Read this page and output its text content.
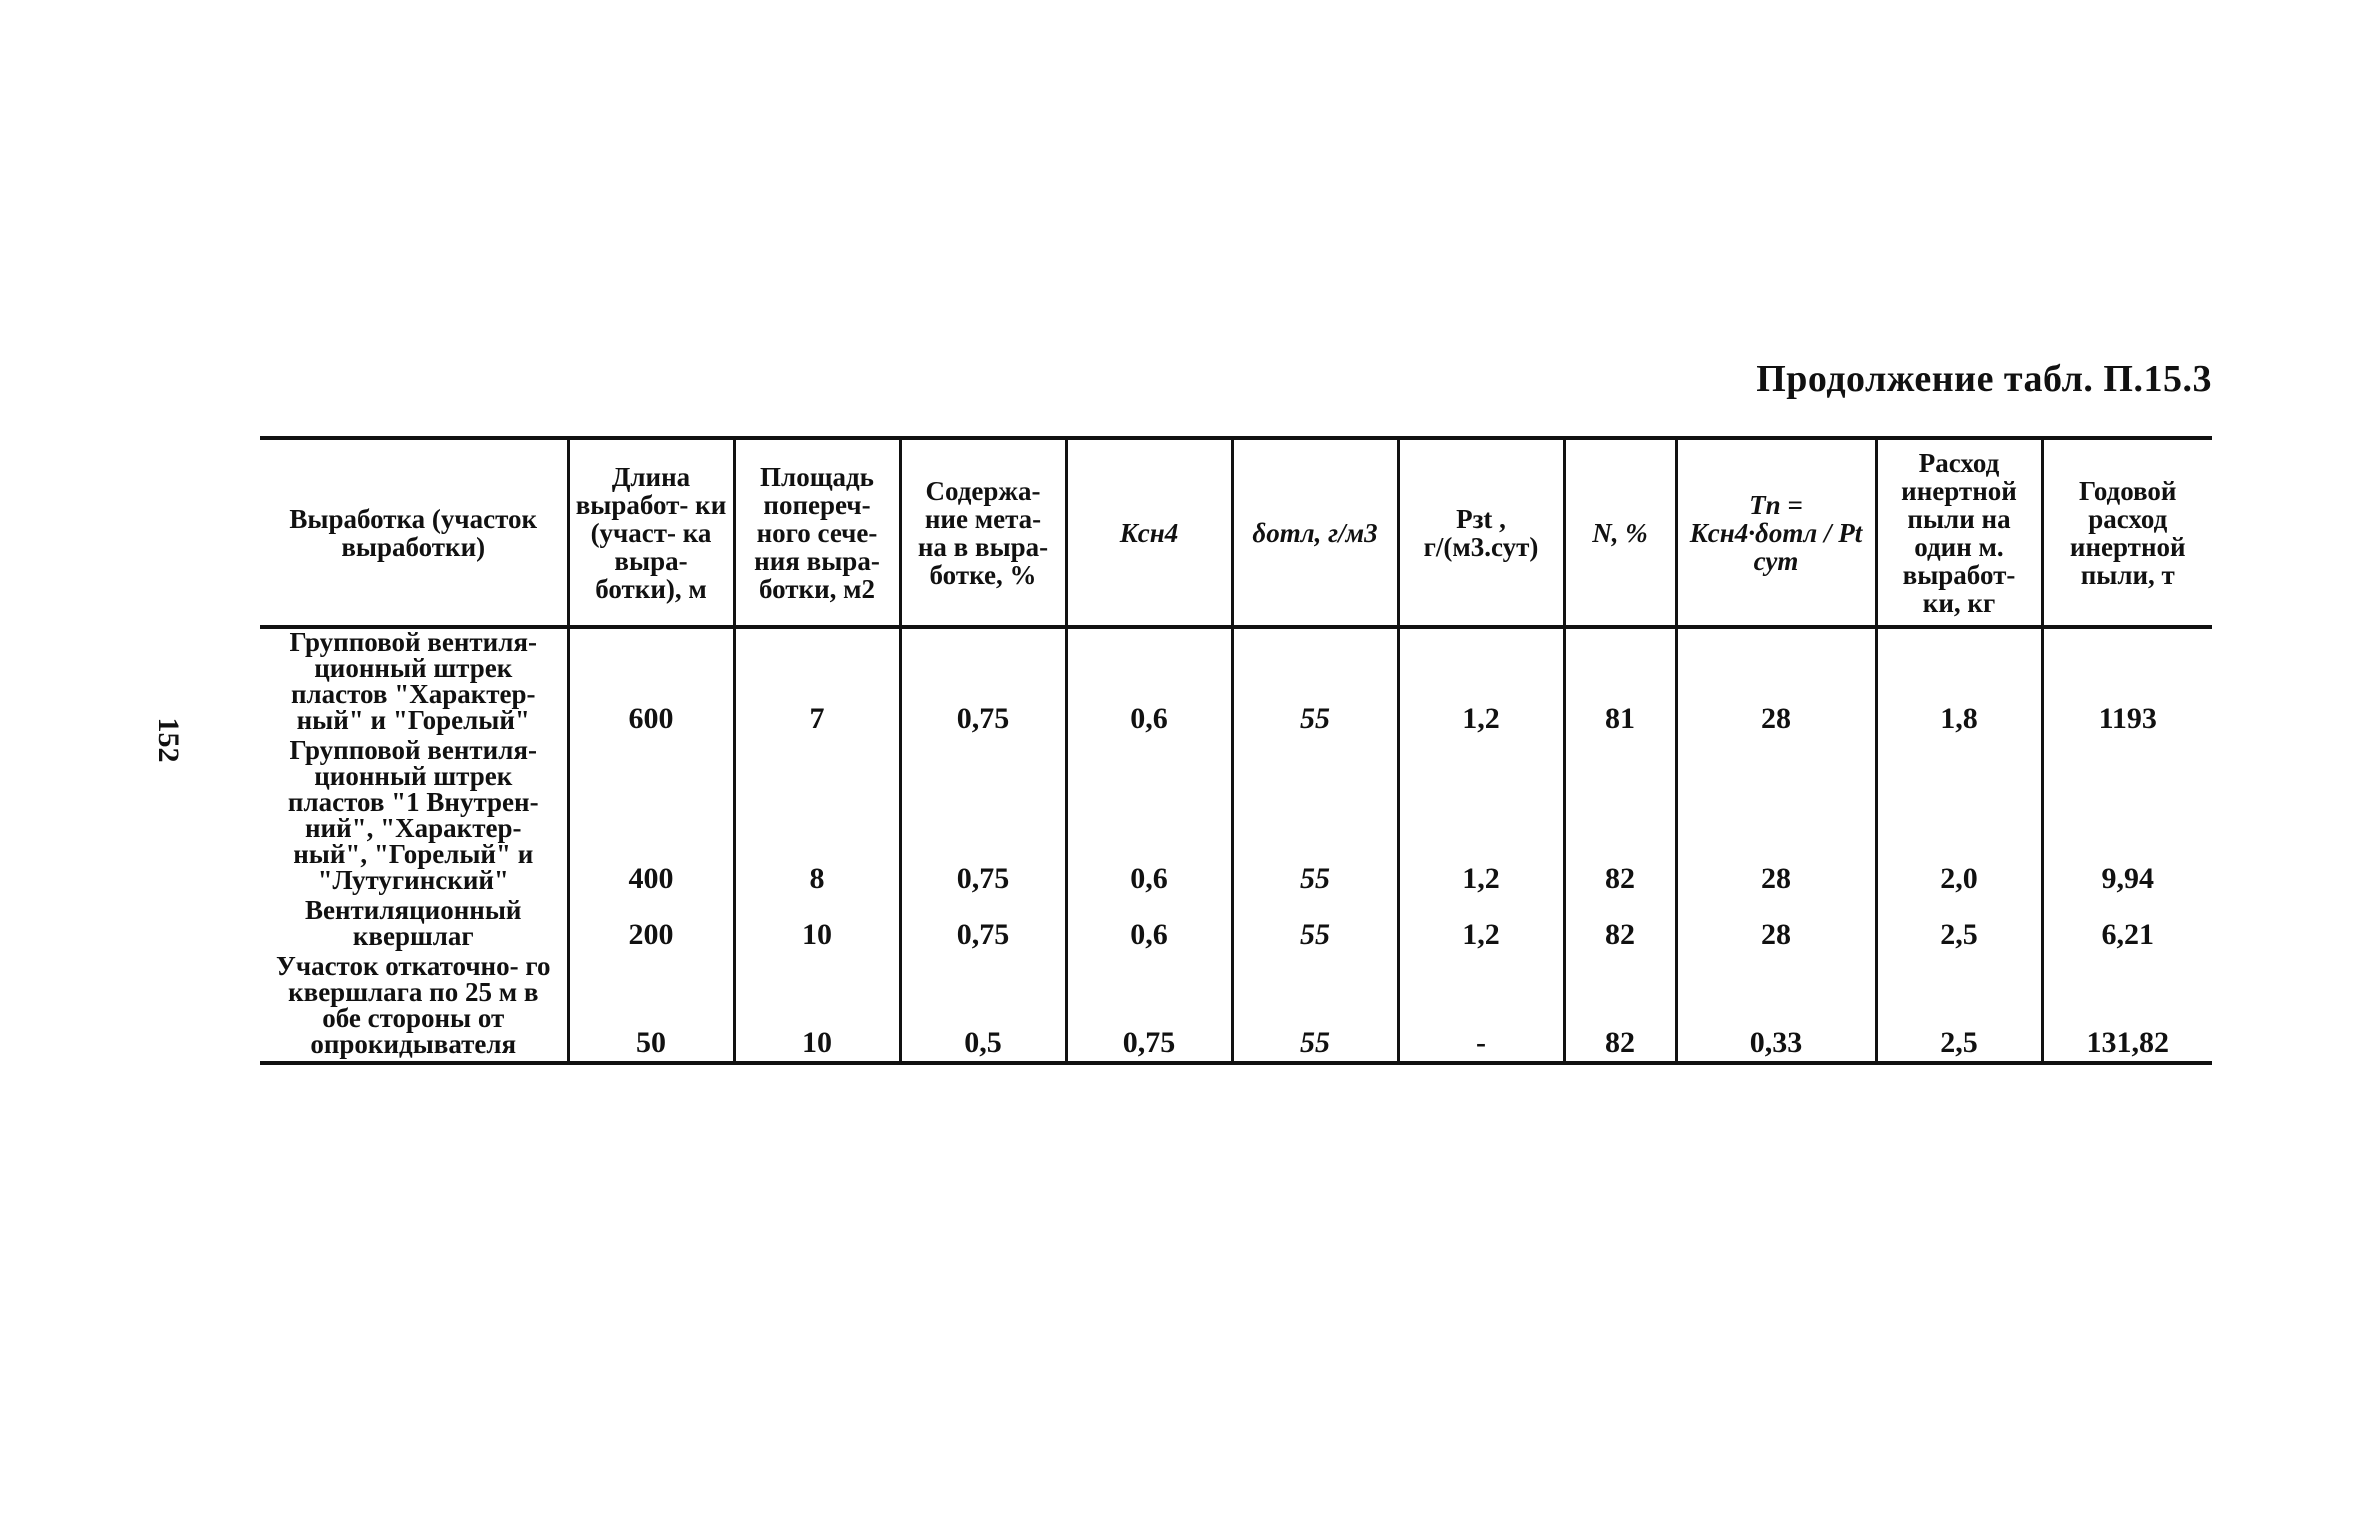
152
Продолжение табл. П.15.3
Выработка (участок выработки)	Длина выработ- ки (участ- ка выра- ботки), м	Площадь попереч- ного сече- ния выра- ботки, м2	Содержа- ние мета- на в выра- ботке, %	Kсн4	δотл, г/м3	Pзt , г/(м3.сут)	N, %	Tп = Kсн4·δотл / Pt сут	Расход инертной пыли на один м. выработ- ки, кг	Годовой расход инертной пыли, т
Групповой вентиля- ционный штрек пластов "Характер- ный" и "Горелый"	600	7	0,75	0,6	55	1,2	81	28	1,8	1193
Групповой вентиля- ционный штрек пластов "1 Внутрен- ний", "Характер- ный", "Горелый" и "Лутугинский"	400	8	0,75	0,6	55	1,2	82	28	2,0	9,94
Вентиляционный квершлаг	200	10	0,75	0,6	55	1,2	82	28	2,5	6,21
Участок откаточно- го квершлага по 25 м в обе стороны от опрокидывателя	50	10	0,5	0,75	55	-	82	0,33	2,5	131,82
